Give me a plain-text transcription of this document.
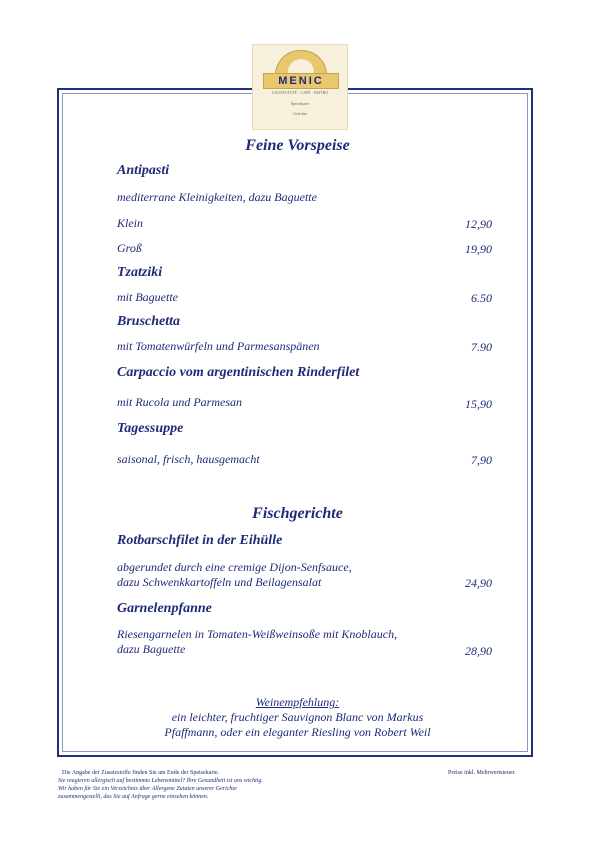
MENIC
GASTSTÄTTE · CAFÉ · BISTRO
Speisekarte
Gerichte
Feine Vorspeise
Antipasti
mediterrane Kleinigkeiten, dazu Baguette
Klein	12,90
Groß	19,90
Tzatziki
mit Baguette	6.50
Bruschetta
mit Tomatenwürfeln und Parmesanspänen	7.90
Carpaccio vom argentinischen Rinderfilet
mit Rucola und Parmesan	15,90
Tagessuppe
saisonal, frisch, hausgemacht	7,90
Fischgerichte
Rotbarschfilet in der Eihülle
abgerundet durch eine cremige Dijon-Senfsauce,
dazu Schwenkkartoffeln und Beilagensalat	24,90
Garnelenpfanne
Riesengarnelen in Tomaten-Weißweinsoße mit Knoblauch,
dazu Baguette	28,90
Weinempfehlung:
ein leichter, fruchtiger Sauvignon Blanc von Markus
Pfaffmann, oder ein eleganter Riesling von Robert Weil
Die Angabe der Zusatzstoffe finden Sie am Ende der Speisekarte.
Sie reagieren allergisch auf bestimmte Lebensmittel? Ihre Gesundheit ist uns wichtig.
Wir haben für Sie ein Verzeichnis über Allergene Zutaten unserer Gerichte
zusammengestellt, das Sie auf Anfrage gerne einsehen können.
Preise inkl. Mehrwertsteuer.
